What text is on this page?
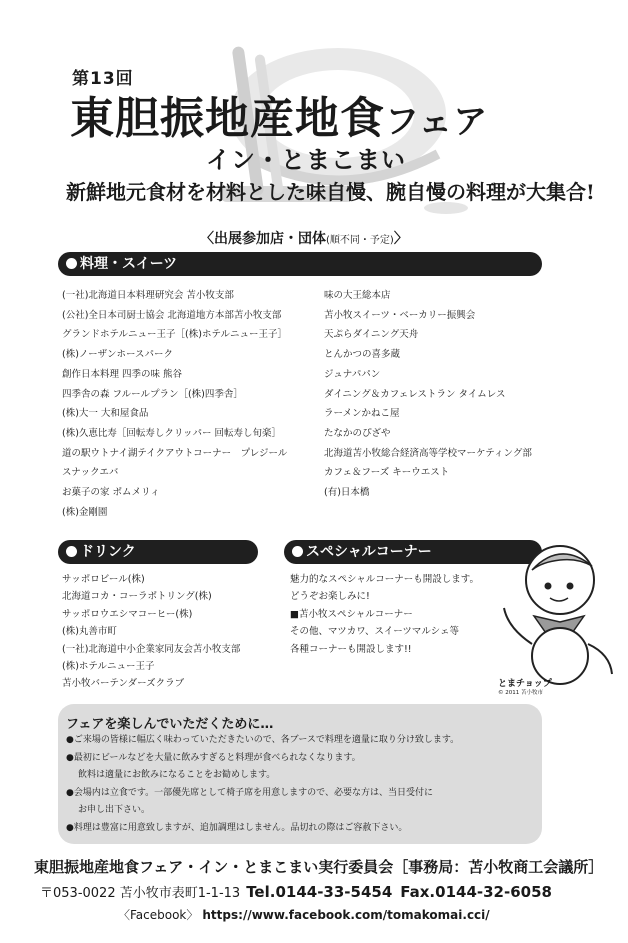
第13回
東胆振地産地食フェア
イン・とまこまい
新鮮地元食材を材料とした味自慢、腕自慢の料理が大集合!
〈出展参加店・団体(順不同・予定)〉
料理・スイーツ
(一社)北海道日本料理研究会 苫小牧支部
(公社)全日本司厨士協会 北海道地方本部苫小牧支部
グランドホテルニュー王子［(株)ホテルニュー王子］
(株)ノーザンホースパーク
創作日本料理 四季の味 熊谷
四季舎の森 フルールプラン［(株)四季舎］
(株)大一 大和屋食品
(株)久恵比寿［回転寿しクリッパー 回転寿し旬楽］
道の駅ウトナイ湖テイクアウトコーナー　プレジール
スナックエバ
お菓子の家 ボムメリィ
(株)金剛園
味の大王総本店
苫小牧スイーツ・ベーカリー振興会
天ぷらダイニング天舟
とんかつの喜多蔵
ジュナパパン
ダイニング＆カフェレストラン タイムレス
ラーメンかねこ屋
たなかのぴざや
北海道苫小牧総合経済高等学校マーケティング部
カフェ＆フーズ キーウエスト
(有)日本橋
ドリンク
サッポロビール(株)
北海道コカ・コーラボトリング(株)
サッポロウエシマコーヒー(株)
(株)丸善市町
(一社)北海道中小企業家同友会苫小牧支部
(株)ホテルニュー王子
苫小牧バーテンダーズクラブ
スペシャルコーナー
魅力的なスペシャルコーナーも開設します。
どうぞお楽しみに!
■苫小牧スペシャルコーナー
その他、マツカワ、スイーツマルシェ等
各種コーナーも開設します!!
とまチョップ
© 2011 苫小牧市
フェアを楽しんでいただくために…
●ご来場の皆様に幅広く味わっていただきたいので、各ブースで料理を適量に取り分け致します。
●最初にビールなどを大量に飲みすぎると料理が食べられなくなります。
飲料は適量にお飲みになることをお勧めします。
●会場内は立食です。一部優先席として椅子席を用意しますので、必要な方は、当日受付に
お申し出下さい。
●料理は豊富に用意致しますが、追加調理はしません。品切れの際はご容赦下さい。
東胆振地産地食フェア・イン・とまこまい実行委員会［事務局：苫小牧商工会議所］
〒053-0022 苫小牧市表町1-1-13 Tel.0144-33-5454 Fax.0144-32-6058
〈Facebook〉 https://www.facebook.com/tomakomai.cci/
